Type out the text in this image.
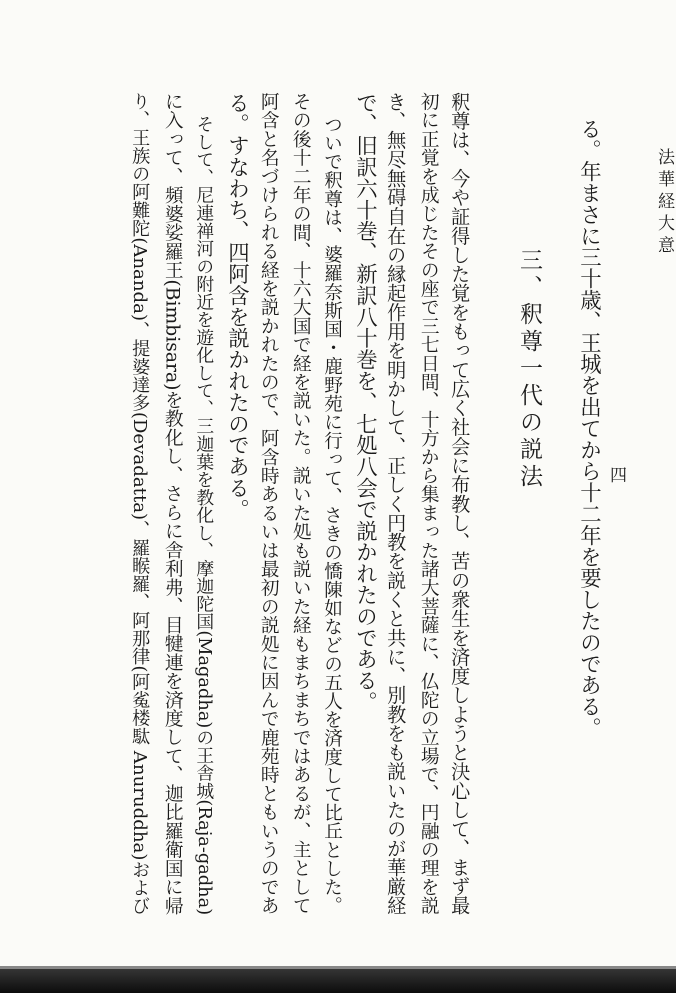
法華経大意
四
る。年まさに三十歳、王城を出てから十二年を要したのである。
三、釈尊一代の説法
釈尊は、今や証得した覚をもって広く社会に布教し、苦の衆生を済度しようと決心して、まず最
初に正覚を成じたその座で三七日間、十方から集まった諸大菩薩に、仏陀の立場で、円融の理を説
き、無尽無碍自在の縁起作用を明かして、正しく円教を説くと共に、別教をも説いたのが華厳経
で、旧訳六十巻、新訳八十巻を、七処八会で説かれたのである。
ついで釈尊は、婆羅奈斯国・鹿野苑に行って、さきの憍陳如などの五人を済度して比丘とした。
その後十二年の間、十六大国で経を説いた。説いた処も説いた経もまちまちではあるが、主として
阿含と名づけられる経を説かれたので、阿含時あるいは最初の説処に因んで鹿苑時ともいうのであ
る。すなわち、四阿含を説かれたのである。
そして、尼連禅河の附近を遊化して、三迦葉を教化し、摩迦陀国(Magadha)の王舎城(Raja-gadha)
に入って、頻婆娑羅王(Bimbisara)を教化し、さらに舎利弗、目犍連を済度して、迦比羅衛国に帰
り、王族の阿難陀(Ananda)、提婆達多(Devadatta)、羅睺羅、阿那律(阿㝹楼駄 Anuruddha)および
